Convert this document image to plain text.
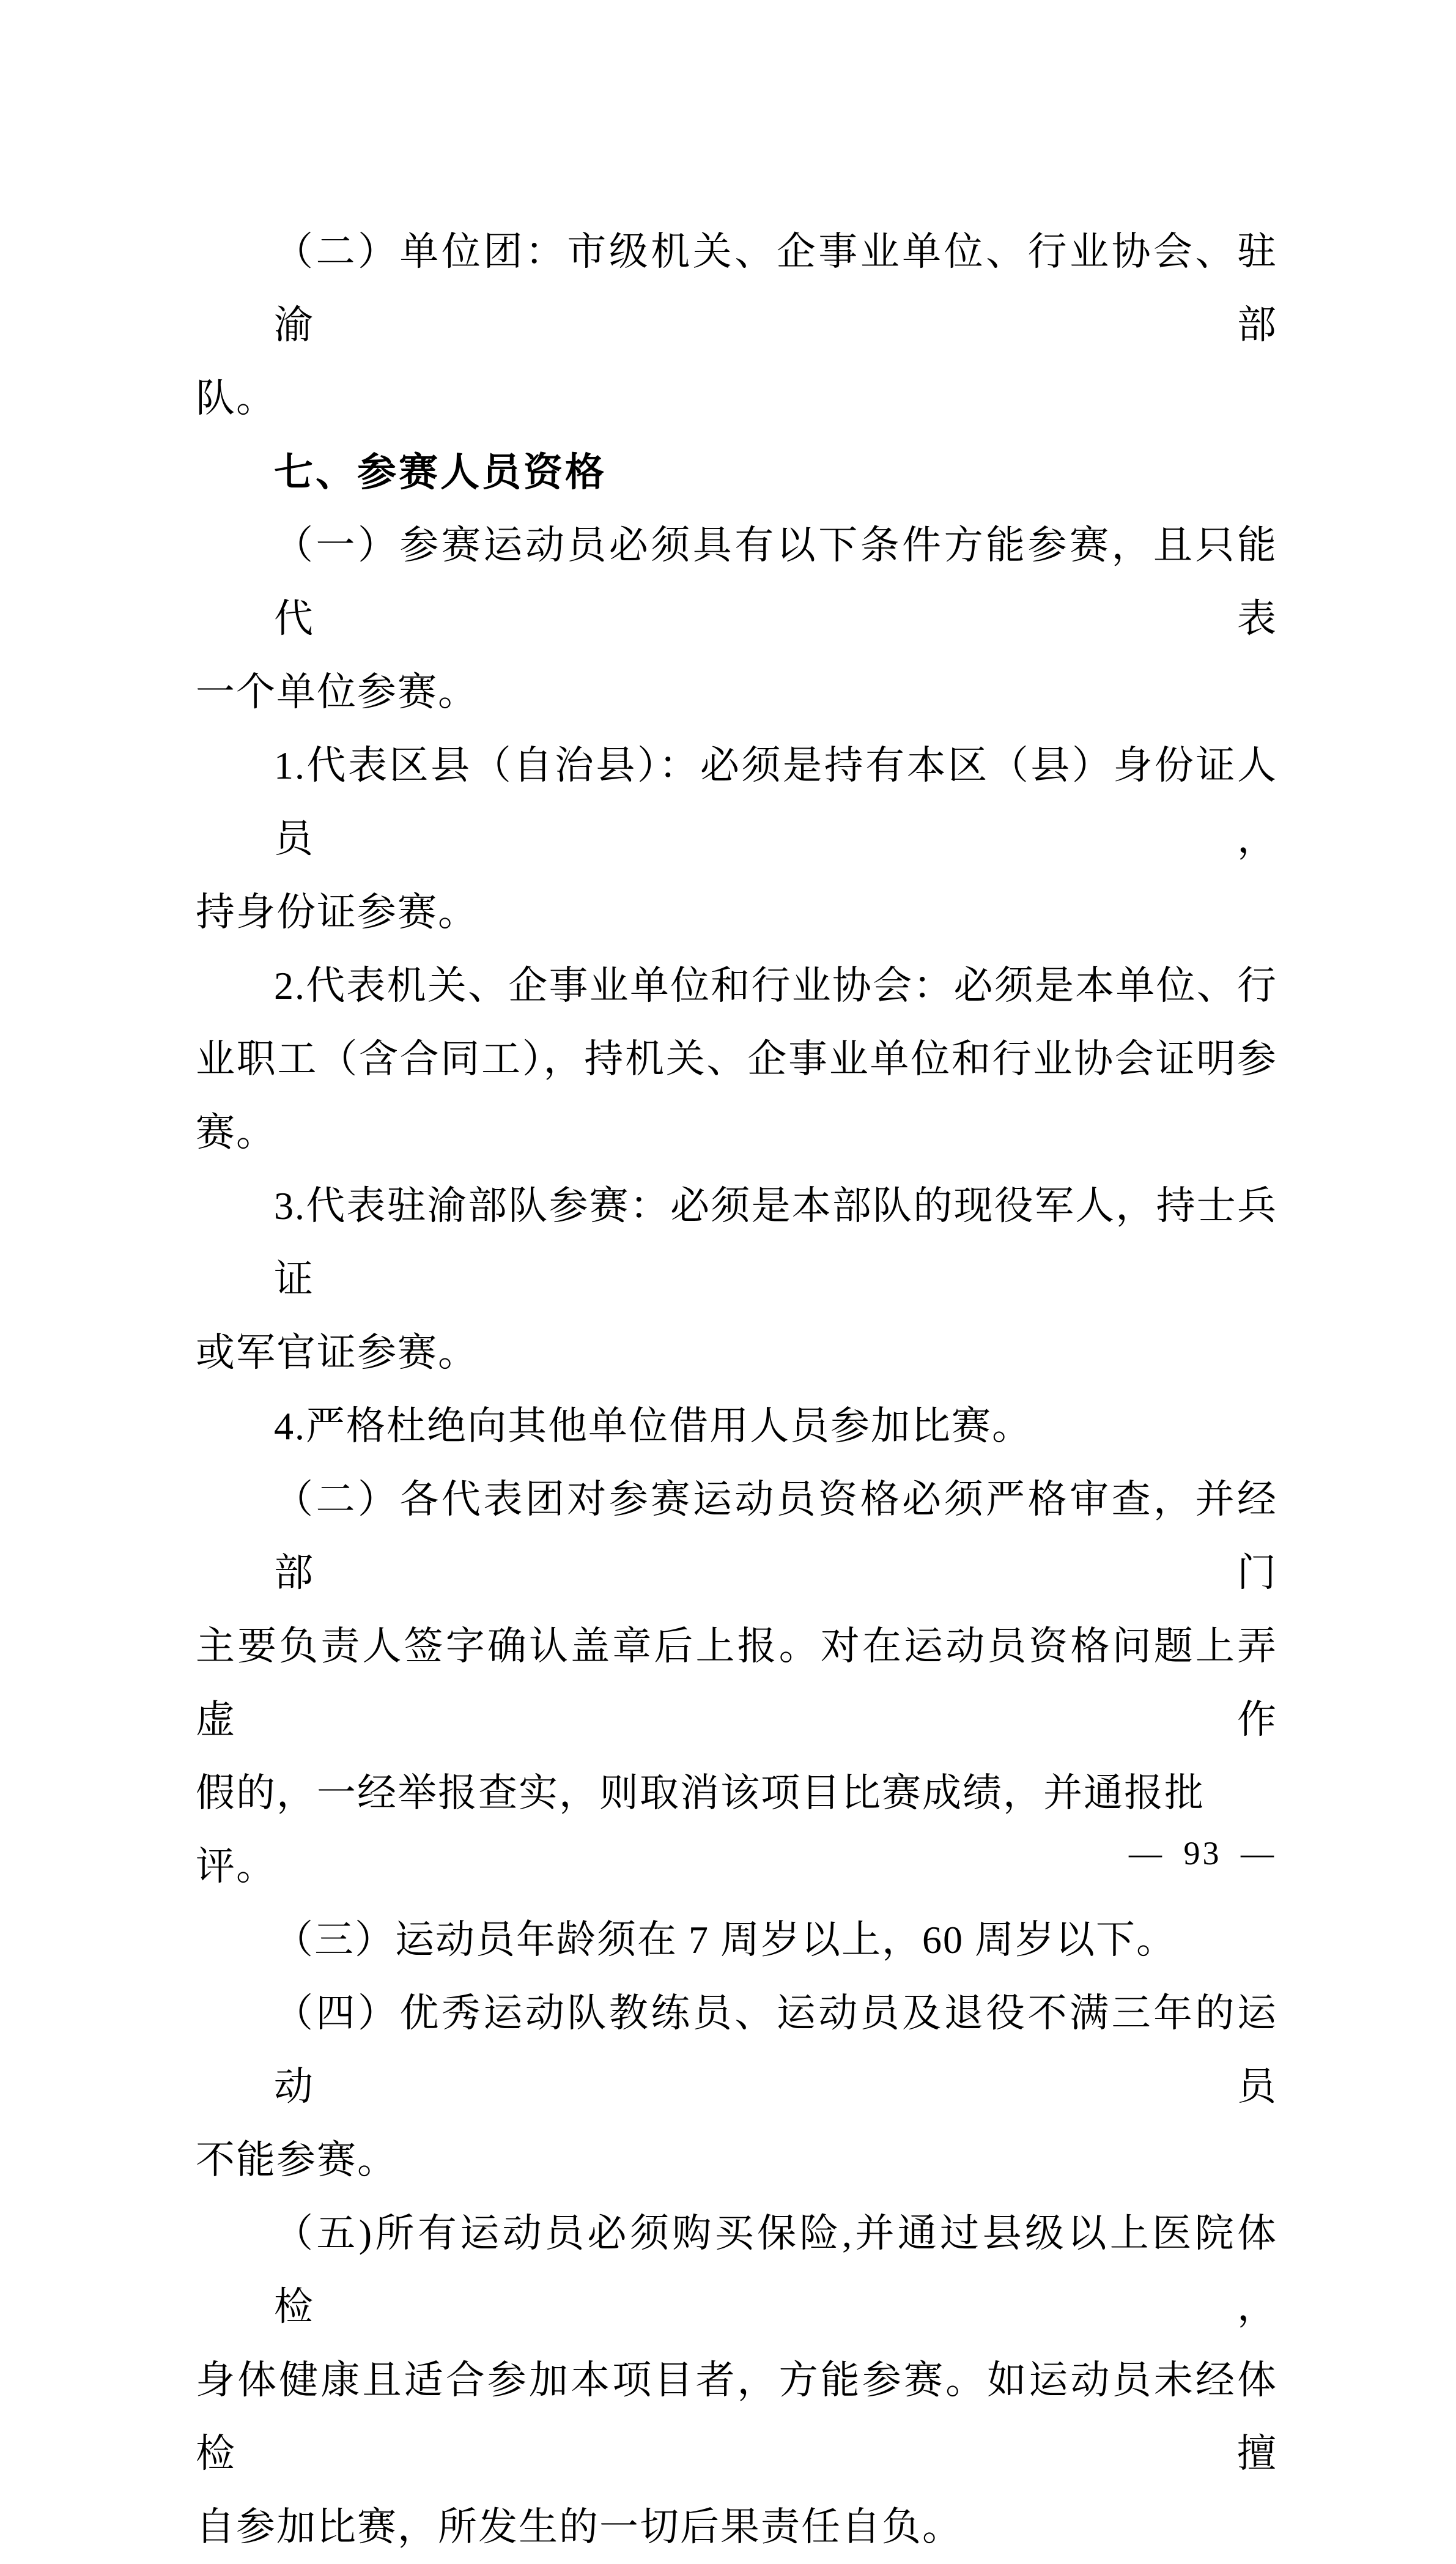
（二）单位团：市级机关、企事业单位、行业协会、驻渝部
队。
七、参赛人员资格
（一）参赛运动员必须具有以下条件方能参赛，且只能代表
一个单位参赛。
1.代表区县（自治县）：必须是持有本区（县）身份证人员，
持身份证参赛。
2.代表机关、企事业单位和行业协会：必须是本单位、行
业职工（含合同工），持机关、企事业单位和行业协会证明参
赛。
3.代表驻渝部队参赛：必须是本部队的现役军人，持士兵证
或军官证参赛。
4.严格杜绝向其他单位借用人员参加比赛。
（二）各代表团对参赛运动员资格必须严格审查，并经部门
主要负责人签字确认盖章后上报。对在运动员资格问题上弄虚作
假的，一经举报查实，则取消该项目比赛成绩，并通报批评。
（三）运动员年龄须在 7 周岁以上，60 周岁以下。
（四）优秀运动队教练员、运动员及退役不满三年的运动员
不能参赛。
（五)所有运动员必须购买保险,并通过县级以上医院体检，
身体健康且适合参加本项目者，方能参赛。如运动员未经体检擅
自参加比赛，所发生的一切后果责任自负。
— 93 —
